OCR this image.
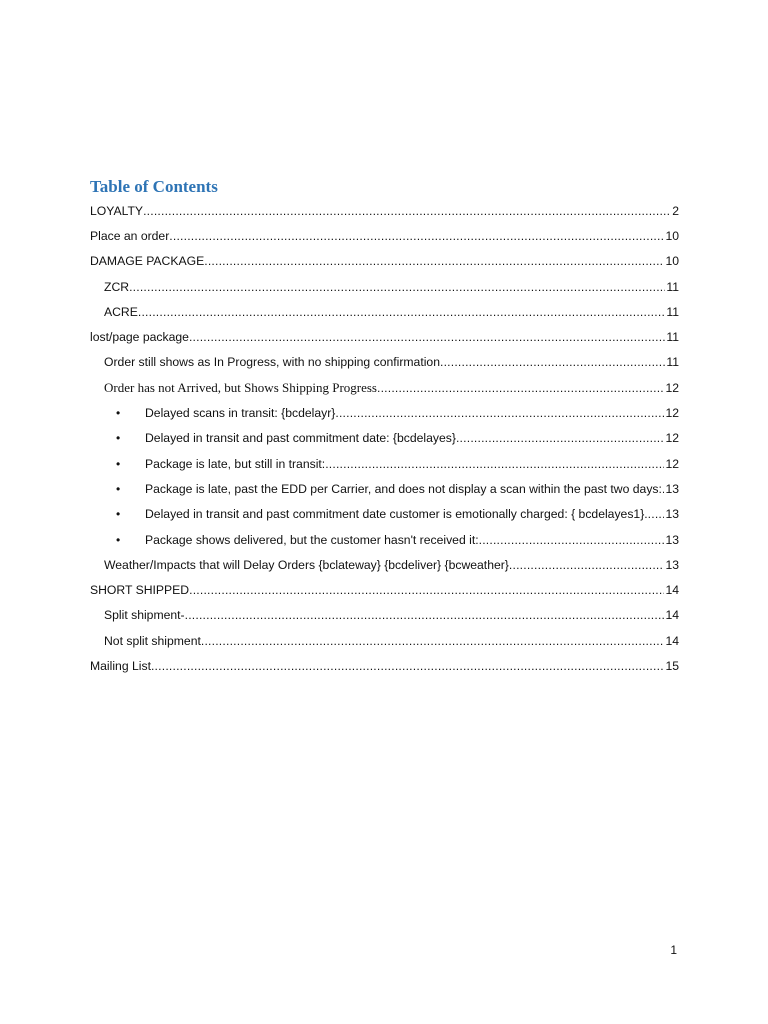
Table of Contents
LOYALTY .....	2
Place an order .....	10
DAMAGE PACKAGE .....	10
ZCR .....	11
ACRE .....	11
lost/page package .....	11
Order still shows as In Progress, with no shipping confirmation .....	11
Order has not Arrived, but Shows Shipping Progress .....	12
•	Delayed scans in transit: {bcdelayr} .....	12
•	Delayed in transit and past commitment date: {bcdelayes} .....	12
•	Package is late, but still in transit: .....	12
•	Package is late, past the EDD per Carrier, and does not display a scan within the past two days: ..... 13
•	Delayed in transit and past commitment date customer is emotionally charged: { bcdelayes1}. ..... 13
•	Package shows delivered, but the customer hasn't received it: .....	13
Weather/Impacts that will Delay Orders {bclateway} {bcdeliver} {bcweather} .....	13
SHORT SHIPPED .....	14
Split shipment- .....	14
Not split shipment .....	14
Mailing List .....	15
1
